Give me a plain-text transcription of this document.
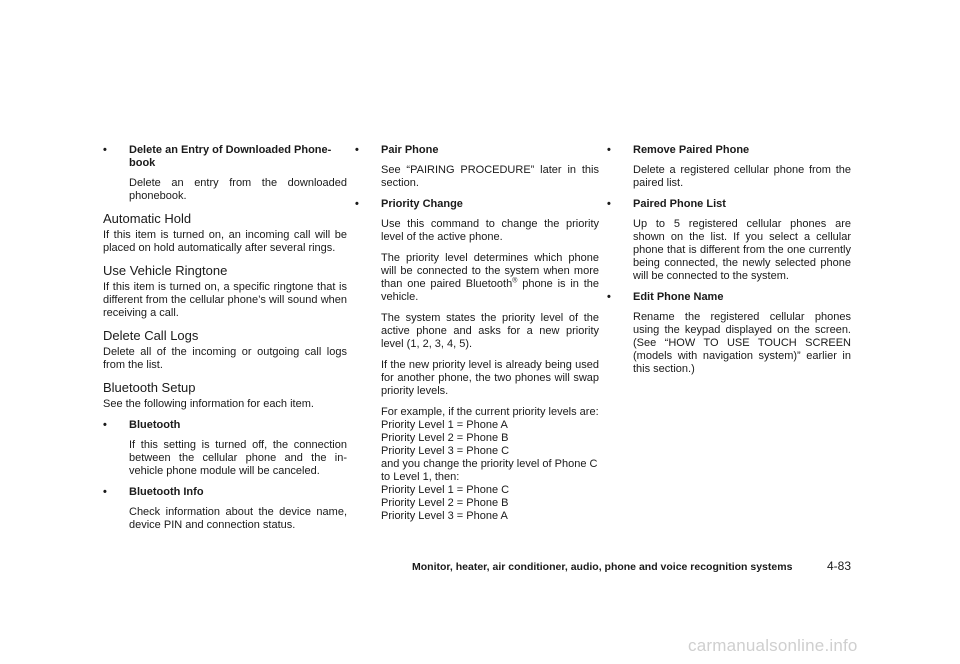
• Delete an Entry of Downloaded Phone-
book
Delete an entry from the downloaded phonebook.
Automatic Hold
If this item is turned on, an incoming call will be placed on hold automatically after several rings.
Use Vehicle Ringtone
If this item is turned on, a specific ringtone that is different from the cellular phone’s will sound when receiving a call.
Delete Call Logs
Delete all of the incoming or outgoing call logs from the list.
Bluetooth Setup
See the following information for each item.
• Bluetooth
If this setting is turned off, the connection between the cellular phone and the in-vehicle phone module will be canceled.
• Bluetooth Info
Check information about the device name, device PIN and connection status.
• Pair Phone
See “PAIRING PROCEDURE” later in this section.
• Priority Change
Use this command to change the priority level of the active phone.
The priority level determines which phone will be connected to the system when more than one paired Bluetooth® phone is in the vehicle.
The system states the priority level of the active phone and asks for a new priority level (1, 2, 3, 4, 5).
If the new priority level is already being used for another phone, the two phones will swap priority levels.
For example, if the current priority levels are:
Priority Level 1 = Phone A
Priority Level 2 = Phone B
Priority Level 3 = Phone C
and you change the priority level of Phone C
to Level 1, then:
Priority Level 1 = Phone C
Priority Level 2 = Phone B
Priority Level 3 = Phone A
• Remove Paired Phone
Delete a registered cellular phone from the paired list.
• Paired Phone List
Up to 5 registered cellular phones are shown on the list. If you select a cellular phone that is different from the one currently being connected, the newly selected phone will be connected to the system.
• Edit Phone Name
Rename the registered cellular phones using the keypad displayed on the screen. (See “HOW TO USE TOUCH SCREEN (models with navigation system)” earlier in this section.)
Monitor, heater, air conditioner, audio, phone and voice recognition systems	4-83
carmanualsonline.info
